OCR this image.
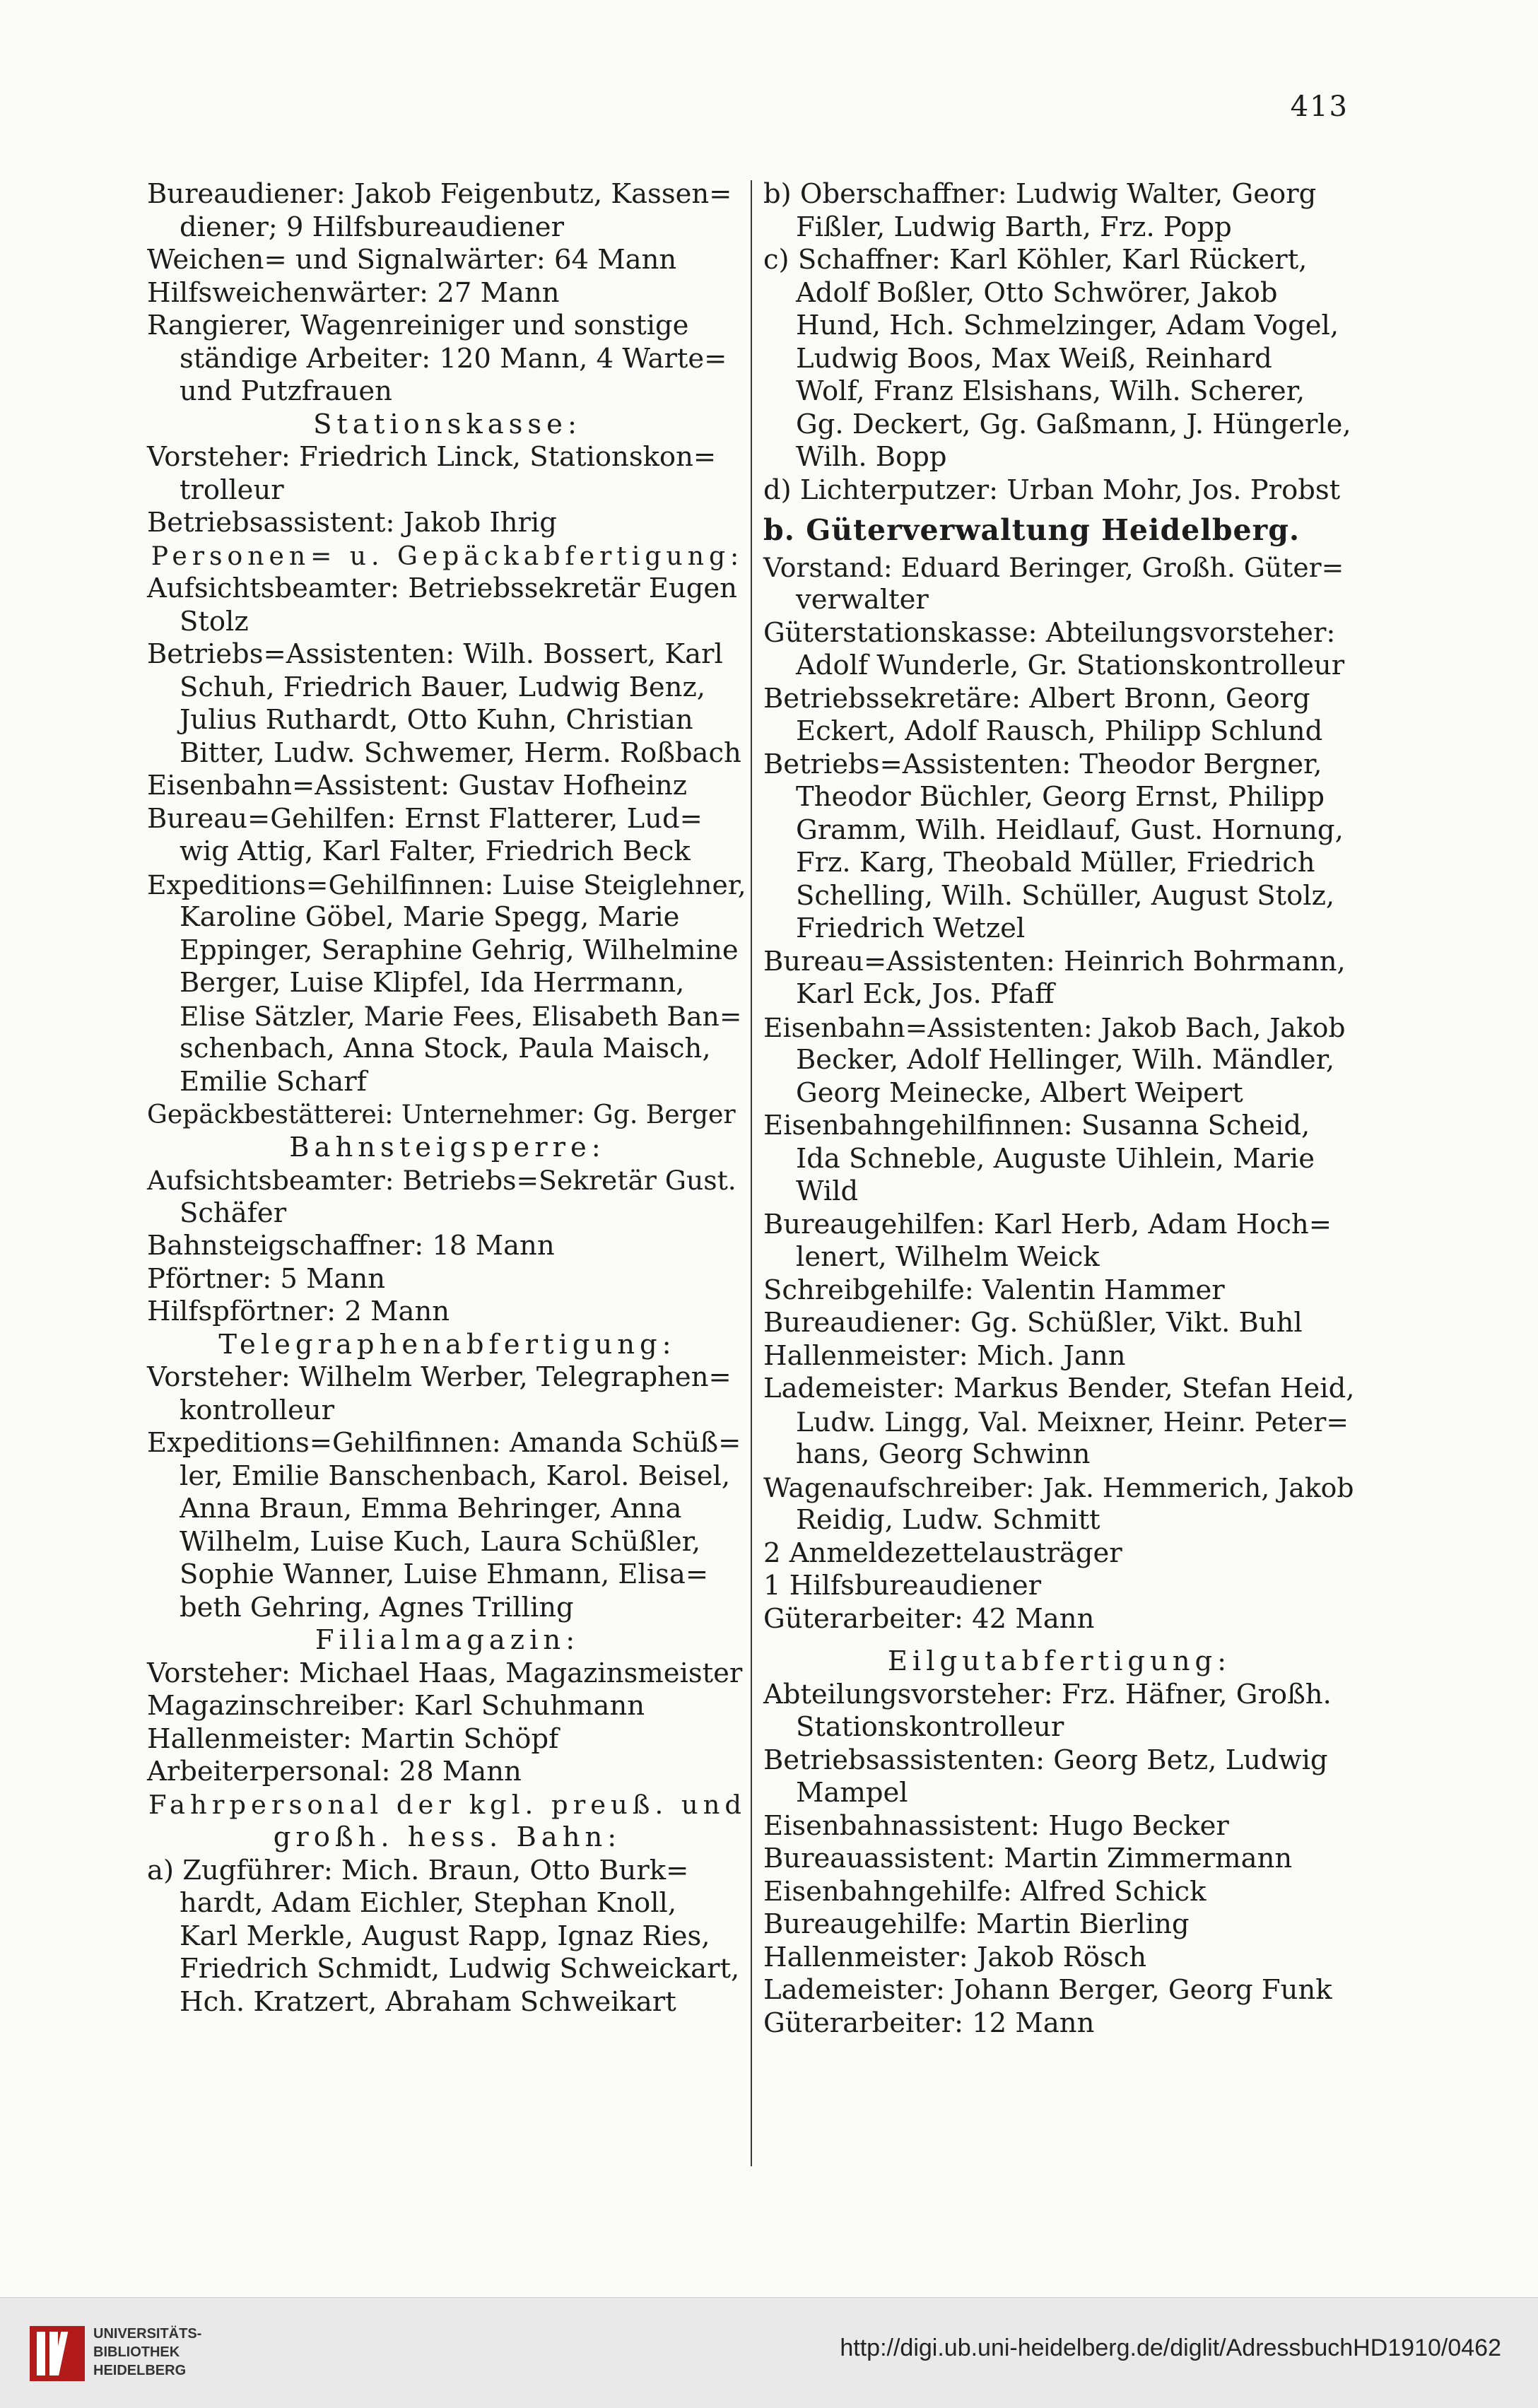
413
Bureaudiener: Jakob Feigenbutz, Kassen=
diener; 9 Hilfsbureaudiener
Weichen= und Signalwärter: 64 Mann
Hilfsweichenwärter: 27 Mann
Rangierer, Wagenreiniger und sonstige
ständige Arbeiter: 120 Mann, 4 Warte=
und Putzfrauen
Stationskasse:
Vorsteher: Friedrich Linck, Stationskon=
trolleur
Betriebsassistent: Jakob Ihrig
Personen= u. Gepäckabfertigung:
Aufsichtsbeamter: Betriebssekretär Eugen
Stolz
Betriebs=Assistenten: Wilh. Bossert, Karl
Schuh, Friedrich Bauer, Ludwig Benz,
Julius Ruthardt, Otto Kuhn, Christian
Bitter, Ludw. Schwemer, Herm. Roßbach
Eisenbahn=Assistent: Gustav Hofheinz
Bureau=Gehilfen: Ernst Flatterer, Lud=
wig Attig, Karl Falter, Friedrich Beck
Expeditions=Gehilfinnen: Luise Steiglehner,
Karoline Göbel, Marie Spegg, Marie
Eppinger, Seraphine Gehrig, Wilhelmine
Berger, Luise Klipfel, Ida Herrmann,
Elise Sätzler, Marie Fees, Elisabeth Ban=
schenbach, Anna Stock, Paula Maisch,
Emilie Scharf
Gepäckbestätterei: Unternehmer: Gg. Berger
Bahnsteigsperre:
Aufsichtsbeamter: Betriebs=Sekretär Gust.
Schäfer
Bahnsteigschaffner: 18 Mann
Pförtner: 5 Mann
Hilfspförtner: 2 Mann
Telegraphenabfertigung:
Vorsteher: Wilhelm Werber, Telegraphen=
kontrolleur
Expeditions=Gehilfinnen: Amanda Schüß=
ler, Emilie Banschenbach, Karol. Beisel,
Anna Braun, Emma Behringer, Anna
Wilhelm, Luise Kuch, Laura Schüßler,
Sophie Wanner, Luise Ehmann, Elisa=
beth Gehring, Agnes Trilling
Filialmagazin:
Vorsteher: Michael Haas, Magazinsmeister
Magazinschreiber: Karl Schuhmann
Hallenmeister: Martin Schöpf
Arbeiterpersonal: 28 Mann
Fahrpersonal der kgl. preuß. und
großh. hess. Bahn:
a) Zugführer: Mich. Braun, Otto Burk=
hardt, Adam Eichler, Stephan Knoll,
Karl Merkle, August Rapp, Ignaz Ries,
Friedrich Schmidt, Ludwig Schweickart,
Hch. Kratzert, Abraham Schweikart
b) Oberschaffner: Ludwig Walter, Georg
Fißler, Ludwig Barth, Frz. Popp
c) Schaffner: Karl Köhler, Karl Rückert,
Adolf Boßler, Otto Schwörer, Jakob
Hund, Hch. Schmelzinger, Adam Vogel,
Ludwig Boos, Max Weiß, Reinhard
Wolf, Franz Elsishans, Wilh. Scherer,
Gg. Deckert, Gg. Gaßmann, J. Hüngerle,
Wilh. Bopp
d) Lichterputzer: Urban Mohr, Jos. Probst
b. Güterverwaltung Heidelberg.
Vorstand: Eduard Beringer, Großh. Güter=
verwalter
Güterstationskasse: Abteilungsvorsteher:
Adolf Wunderle, Gr. Stationskontrolleur
Betriebssekretäre: Albert Bronn, Georg
Eckert, Adolf Rausch, Philipp Schlund
Betriebs=Assistenten: Theodor Bergner,
Theodor Büchler, Georg Ernst, Philipp
Gramm, Wilh. Heidlauf, Gust. Hornung,
Frz. Karg, Theobald Müller, Friedrich
Schelling, Wilh. Schüller, August Stolz,
Friedrich Wetzel
Bureau=Assistenten: Heinrich Bohrmann,
Karl Eck, Jos. Pfaff
Eisenbahn=Assistenten: Jakob Bach, Jakob
Becker, Adolf Hellinger, Wilh. Mändler,
Georg Meinecke, Albert Weipert
Eisenbahngehilfinnen: Susanna Scheid,
Ida Schneble, Auguste Uihlein, Marie
Wild
Bureaugehilfen: Karl Herb, Adam Hoch=
lenert, Wilhelm Weick
Schreibgehilfe: Valentin Hammer
Bureaudiener: Gg. Schüßler, Vikt. Buhl
Hallenmeister: Mich. Jann
Lademeister: Markus Bender, Stefan Heid,
Ludw. Lingg, Val. Meixner, Heinr. Peter=
hans, Georg Schwinn
Wagenaufschreiber: Jak. Hemmerich, Jakob
Reidig, Ludw. Schmitt
2 Anmeldezettelausträger
1 Hilfsbureaudiener
Güterarbeiter: 42 Mann
Eilgutabfertigung:
Abteilungsvorsteher: Frz. Häfner, Großh.
Stationskontrolleur
Betriebsassistenten: Georg Betz, Ludwig
Mampel
Eisenbahnassistent: Hugo Becker
Bureauassistent: Martin Zimmermann
Eisenbahngehilfe: Alfred Schick
Bureaugehilfe: Martin Bierling
Hallenmeister: Jakob Rösch
Lademeister: Johann Berger, Georg Funk
Güterarbeiter: 12 Mann
UNIVERSITÄTS-
BIBLIOTHEK
HEIDELBERG
http://digi.ub.uni-heidelberg.de/diglit/AdressbuchHD1910/0462
